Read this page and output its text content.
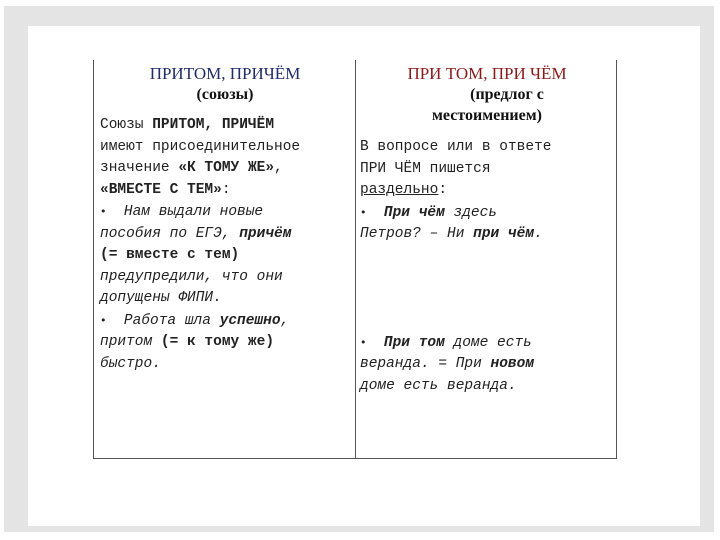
ПРИТОМ, ПРИЧЁМ
(союзы)
ПРИ ТОМ, ПРИ ЧЁМ
(предлог с
местоимением)
Союзы ПРИТОМ, ПРИЧЁМ
имеют присоединительное
значение «К ТОМУ ЖЕ»,
«ВМЕСТЕ С ТЕМ»:
•  Нам выдали новые
пособия по ЕГЭ, причём
(= вместе с тем)
предупредили, что они
допущены ФИПИ.
•  Работа шла успешно,
притом (= к тому же)
быстро.
В вопросе или в ответе
ПРИ ЧЁМ пишется
раздельно:
• При чём здесь
Петров? – Ни при чём.

• При том доме есть
веранда. = При новом
доме есть веранда.
